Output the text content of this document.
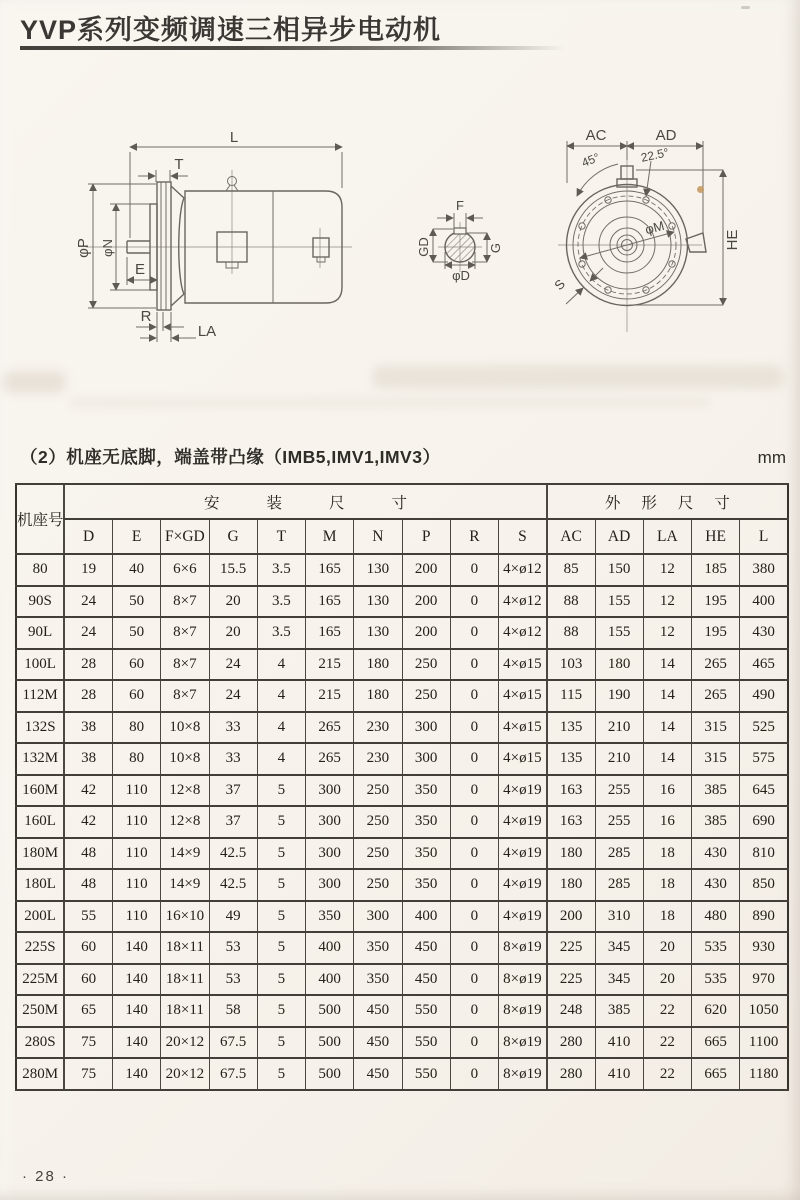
YVP系列变频调速三相异步电动机
L
T
φP φN
E
R
LA
F
GD	G
φD
AC	AD
45°	22.5°
φM
HE
S
（2）机座无底脚，端盖带凸缘（IMB5,IMV1,IMV3）	mm
机座号	安装尺寸										外形尺寸				
	D	E	F×GD	G	T	M	N	P	R	S	AC	AD	LA	HE	L
80	19	40	6×6	15.5	3.5	165	130	200	0	4×ø12	85	150	12	185	380
90S	24	50	8×7	20	3.5	165	130	200	0	4×ø12	88	155	12	195	400
90L	24	50	8×7	20	3.5	165	130	200	0	4×ø12	88	155	12	195	430
100L	28	60	8×7	24	4	215	180	250	0	4×ø15	103	180	14	265	465
112M	28	60	8×7	24	4	215	180	250	0	4×ø15	115	190	14	265	490
132S	38	80	10×8	33	4	265	230	300	0	4×ø15	135	210	14	315	525
132M	38	80	10×8	33	4	265	230	300	0	4×ø15	135	210	14	315	575
160M	42	110	12×8	37	5	300	250	350	0	4×ø19	163	255	16	385	645
160L	42	110	12×8	37	5	300	250	350	0	4×ø19	163	255	16	385	690
180M	48	110	14×9	42.5	5	300	250	350	0	4×ø19	180	285	18	430	810
180L	48	110	14×9	42.5	5	300	250	350	0	4×ø19	180	285	18	430	850
200L	55	110	16×10	49	5	350	300	400	0	4×ø19	200	310	18	480	890
225S	60	140	18×11	53	5	400	350	450	0	8×ø19	225	345	20	535	930
225M	60	140	18×11	53	5	400	350	450	0	8×ø19	225	345	20	535	970
250M	65	140	18×11	58	5	500	450	550	0	8×ø19	248	385	22	620	1050
280S	75	140	20×12	67.5	5	500	450	550	0	8×ø19	280	410	22	665	1100
280M	75	140	20×12	67.5	5	500	450	550	0	8×ø19	280	410	22	665	1180
· 28 ·
